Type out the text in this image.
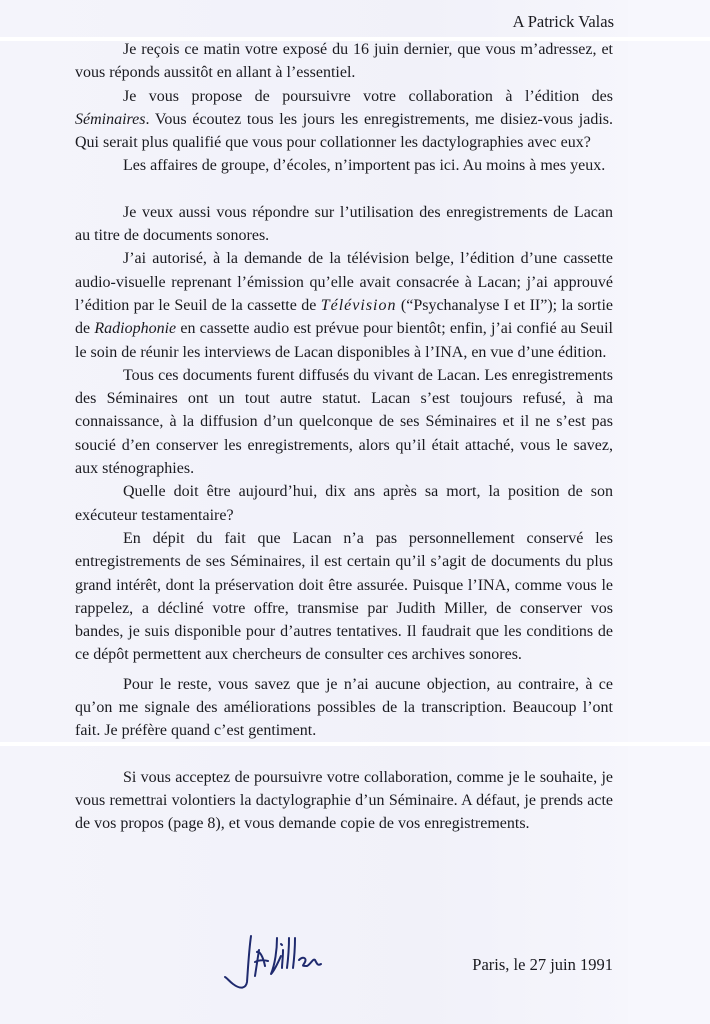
A Patrick Valas

Je reçois ce matin votre exposé du 16 juin dernier, que vous m’adressez, et vous réponds aussitôt en allant à l’essentiel.

Je vous propose de poursuivre votre collaboration à l’édition des Séminaires. Vous écoutez tous les jours les enregistrements, me disiez-vous jadis. Qui serait plus qualifié que vous pour collationner les dactylographies avec eux?

Les affaires de groupe, d’écoles, n’importent pas ici. Au moins à mes yeux.

Je veux aussi vous répondre sur l’utilisation des enregistrements de Lacan au titre de documents sonores.

J’ai autorisé, à la demande de la télévision belge, l’édition d’une cassette audio-visuelle reprenant l’émission qu’elle avait consacrée à Lacan; j’ai approuvé l’édition par le Seuil de la cassette de Télévision (“Psychanalyse I et II”); la sortie de Radiophonie en cassette audio est prévue pour bientôt; enfin, j’ai confié au Seuil le soin de réunir les interviews de Lacan disponibles à l’INA, en vue d’une édition.

Tous ces documents furent diffusés du vivant de Lacan. Les enregistrements des Séminaires ont un tout autre statut. Lacan s’est toujours refusé, à ma connaissance, à la diffusion d’un quelconque de ses Séminaires et il ne s’est pas soucié d’en conserver les enregistrements, alors qu’il était attaché, vous le savez, aux sténographies.

Quelle doit être aujourd’hui, dix ans après sa mort, la position de son exécuteur testamentaire?

En dépit du fait que Lacan n’a pas personnellement conservé les entregistrements de ses Séminaires, il est certain qu’il s’agit de documents du plus grand intérêt, dont la préservation doit être assurée. Puisque l’INA, comme vous le rappelez, a décliné votre offre, transmise par Judith Miller, de conserver vos bandes, je suis disponible pour d’autres tentatives. Il faudrait que les conditions de ce dépôt permettent aux chercheurs de consulter ces archives sonores.

Pour le reste, vous savez que je n’ai aucune objection, au contraire, à ce qu’on me signale des améliorations possibles de la transcription. Beaucoup l’ont fait. Je préfère quand c’est gentiment.

Si vous acceptez de poursuivre votre collaboration, comme je le souhaite, je vous remettrai volontiers la dactylographie d’un Séminaire. A défaut, je prends acte de vos propos (page 8), et vous demande copie de vos enregistrements.

Paris, le 27 juin 1991
